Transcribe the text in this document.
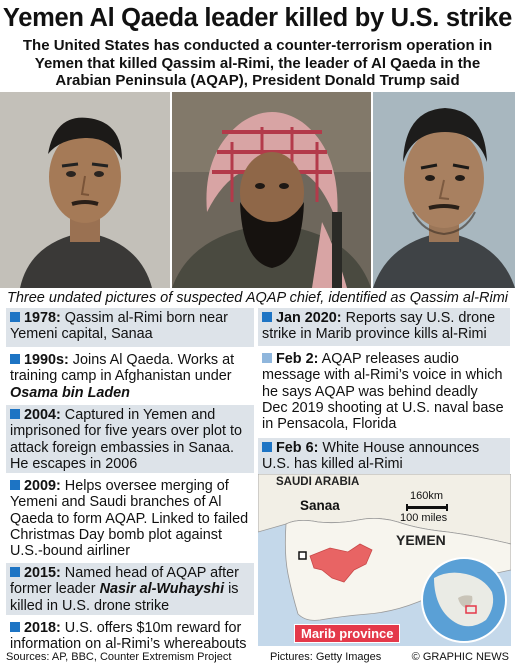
Yemen Al Qaeda leader killed by U.S. strike
The United States has conducted a counter-terrorism operation in Yemen that killed Qassim al-Rimi, the leader of Al Qaeda in the Arabian Peninsula (AQAP), President Donald Trump said
Three undated pictures of suspected AQAP chief, identified as Qassim al-Rimi
1978: Qassim al-Rimi born near Yemeni capital, Sanaa
1990s: Joins Al Qaeda. Works at training camp in Afghanistan under Osama bin Laden
2004: Captured in Yemen and imprisoned for five years over plot to attack foreign embassies in Sanaa. He escapes in 2006
2009: Helps oversee merging of Yemeni and Saudi branches of Al Qaeda to form AQAP. Linked to failed Christmas Day bomb plot against U.S.-bound airliner
2015: Named head of AQAP after former leader Nasir al-Wuhayshi is killed in U.S. drone strike
2018: U.S. offers $10m reward for information on al-Rimi’s whereabouts
Jan 2020: Reports say U.S. drone strike in Marib province kills al-Rimi
Feb 2: AQAP releases audio message with al-Rimi’s voice in which he says AQAP was behind deadly Dec 2019 shooting at U.S. naval base in Pensacola, Florida
Feb 6: White House announces U.S. has killed al-Rimi
SAUDI ARABIA
Sanaa
YEMEN
160km
100 miles
Marib province
Sources: AP, BBC, Counter Extremism Project	Pictures: Getty Images	© GRAPHIC NEWS
